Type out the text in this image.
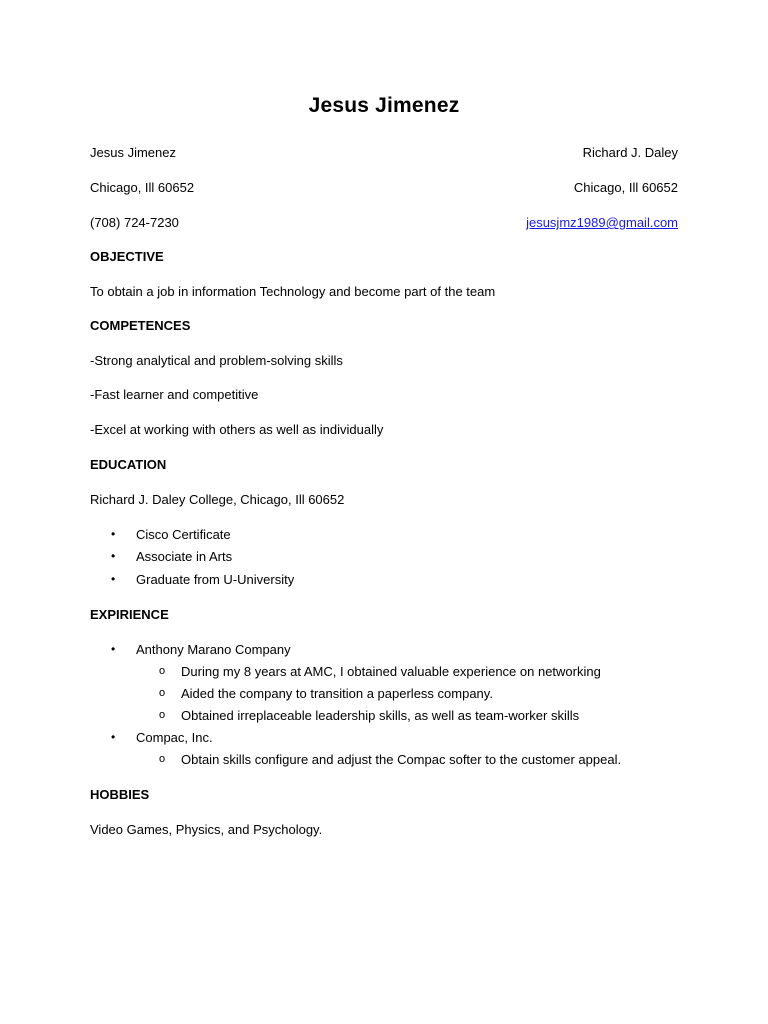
Jesus Jimenez
Jesus Jimenez	Richard J. Daley
Chicago, Ill 60652	Chicago, Ill 60652
(708) 724-7230	jesusjmz1989@gmail.com
OBJECTIVE
To obtain a job in information Technology and become part of the team
COMPETENCES
-Strong analytical and problem-solving skills
-Fast learner and competitive
-Excel at working with others as well as individually
EDUCATION
Richard J. Daley College, Chicago, Ill 60652
• Cisco Certificate
• Associate in Arts
• Graduate from U-University
EXPIRIENCE
• Anthony Marano Company
o During my 8 years at AMC, I obtained valuable experience on networking
o Aided the company to transition a paperless company.
o Obtained irreplaceable leadership skills, as well as team-worker skills
• Compac, Inc.
o Obtain skills configure and adjust the Compac softer to the customer appeal.
HOBBIES
Video Games, Physics, and Psychology.
